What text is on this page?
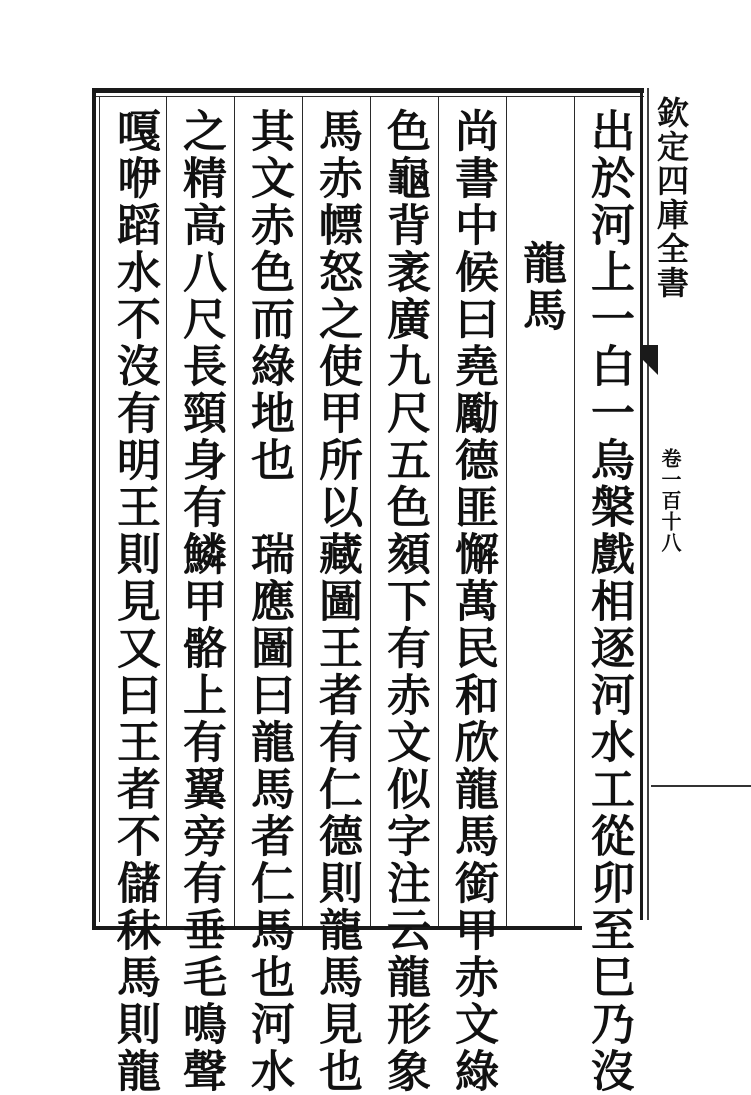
欽定四庫全書
卷一百十八
出於河上一白一烏槃戲相逐河水工從卯至巳乃沒
龍馬
尚書中候曰堯勵德匪懈萬民和欣龍馬銜甲赤文綠
色龜背袤廣九尺五色頦下有赤文似字注云龍形象
馬赤幖怒之使甲所以藏圖王者有仁德則龍馬見也
其文赤色而綠地也　瑞應圖曰龍馬者仁馬也河水
之精高八尺長頸身有鱗甲骼上有翼旁有垂毛鳴聲
嘎咿蹈水不沒有明王則見又曰王者不儲秣馬則龍
